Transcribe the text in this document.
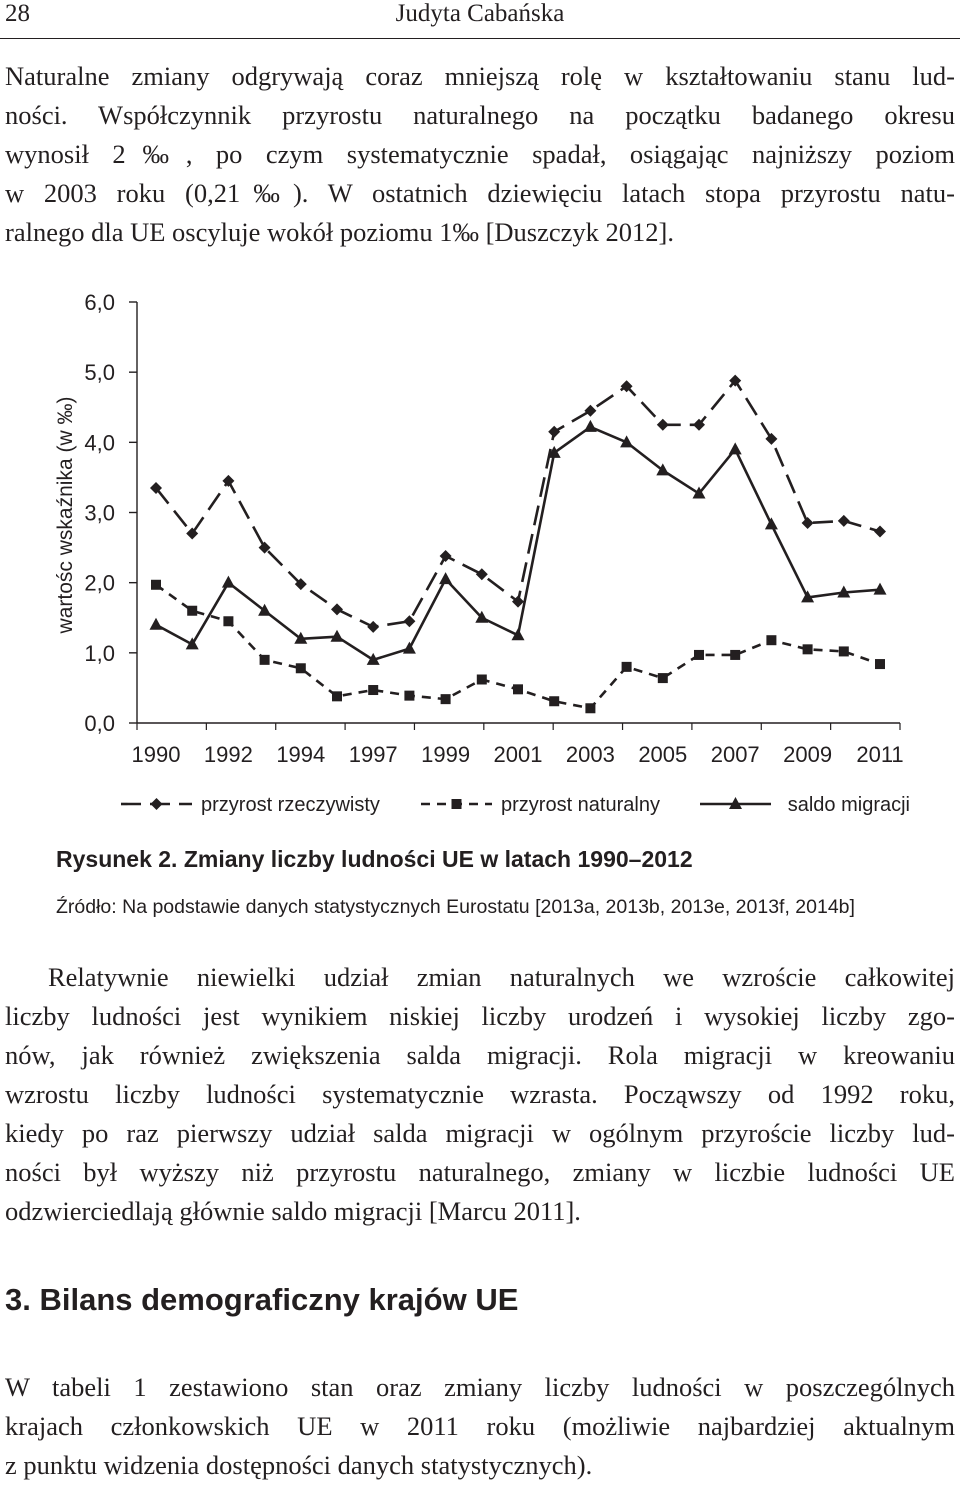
28	Judyta Cabańska
Naturalne zmiany odgrywają coraz mniejszą rolę w kształtowaniu stanu lud-
ności. Współczynnik przyrostu naturalnego na początku badanego okresu
wynosił 2‰, po czym systematycznie spadał, osiągając najniższy poziom
w 2003 roku (0,21‰). W ostatnich dziewięciu latach stopa przyrostu natu-
ralnego dla UE oscyluje wokół poziomu 1‰ [Duszczyk 2012].
wartośc wskaźnika (w ‰)
0,0
1,0
2,0
3,0
4,0
5,0
6,0
1990 1992 1994 1997 1999 2001 2003 2005 2007 2009 2011
przyrost rzeczywisty	przyrost naturalny	saldo migracji
Rysunek 2. Zmiany liczby ludności UE w latach 1990–2012
Źródło: Na podstawie danych statystycznych Eurostatu [2013a, 2013b, 2013e, 2013f, 2014b]
Relatywnie niewielki udział zmian naturalnych we wzroście całkowitej
liczby ludności jest wynikiem niskiej liczby urodzeń i wysokiej liczby zgo-
nów, jak również zwiększenia salda migracji. Rola migracji w kreowaniu
wzrostu liczby ludności systematycznie wzrasta. Począwszy od 1992 roku,
kiedy po raz pierwszy udział salda migracji w ogólnym przyroście liczby lud-
ności był wyższy niż przyrostu naturalnego, zmiany w liczbie ludności UE
odzwierciedlają głównie saldo migracji [Marcu 2011].
3. Bilans demograficzny krajów UE
W tabeli 1 zestawiono stan oraz zmiany liczby ludności w poszczególnych
krajach członkowskich UE w 2011 roku (możliwie najbardziej aktualnym
z punktu widzenia dostępności danych statystycznych).
